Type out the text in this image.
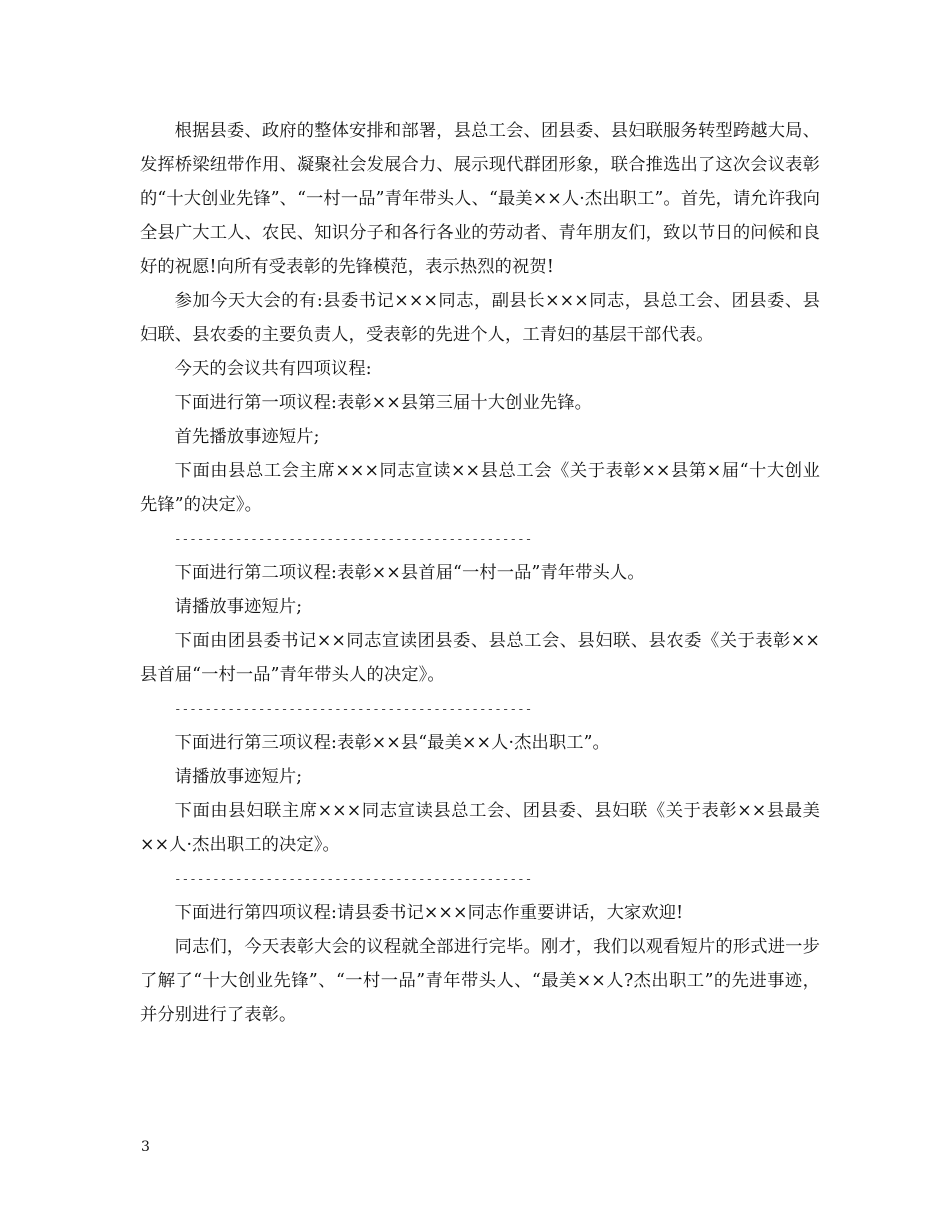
根据县委、政府的整体安排和部署，县总工会、团县委、县妇联服务转型跨越大局、发挥桥梁纽带作用、凝聚社会发展合力、展示现代群团形象，联合推选出了这次会议表彰的“十大创业先锋”、“一村一品”青年带头人、“最美××人·杰出职工”。首先，请允许我向全县广大工人、农民、知识分子和各行各业的劳动者、青年朋友们，致以节日的问候和良好的祝愿!向所有受表彰的先锋模范，表示热烈的祝贺!

参加今天大会的有:县委书记×××同志，副县长×××同志，县总工会、团县委、县妇联、县农委的主要负责人，受表彰的先进个人，工青妇的基层干部代表。

今天的会议共有四项议程:

下面进行第一项议程:表彰××县第三届十大创业先锋。

首先播放事迹短片;

下面由县总工会主席×××同志宣读××县总工会《关于表彰××县第×届“十大创业先锋”的决定》。

-----------------------------------------------

下面进行第二项议程:表彰××县首届“一村一品”青年带头人。

请播放事迹短片;

下面由团县委书记××同志宣读团县委、县总工会、县妇联、县农委《关于表彰××县首届“一村一品”青年带头人的决定》。

-----------------------------------------------

下面进行第三项议程:表彰××县“最美××人·杰出职工”。

请播放事迹短片;

下面由县妇联主席×××同志宣读县总工会、团县委、县妇联《关于表彰××县最美××人·杰出职工的决定》。

-----------------------------------------------

下面进行第四项议程:请县委书记×××同志作重要讲话，大家欢迎!

同志们，今天表彰大会的议程就全部进行完毕。刚才，我们以观看短片的形式进一步了解了“十大创业先锋”、“一村一品”青年带头人、“最美××人?杰出职工”的先进事迹，并分别进行了表彰。

3
